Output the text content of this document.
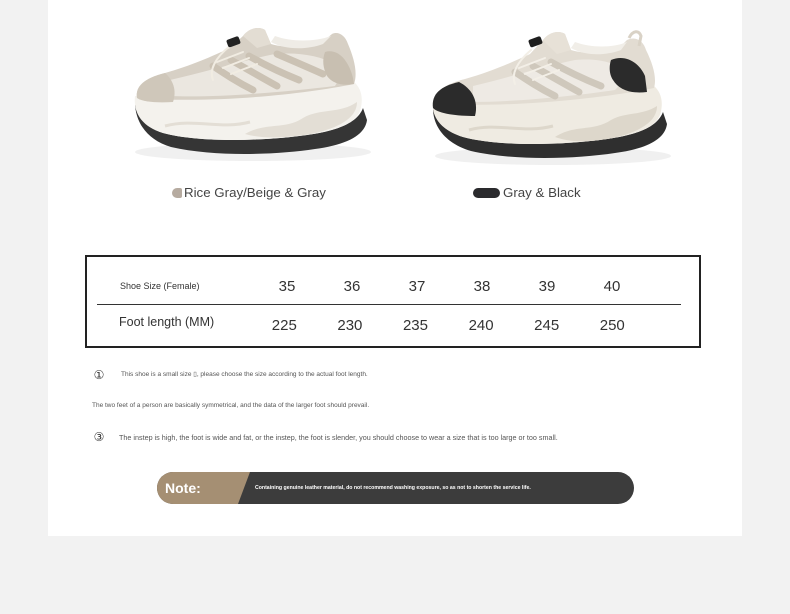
Rice Gray/Beige & Gray	Gray & Black
Shoe Size (Female)	35	36	37	38	39	40
Foot length (MM)	225	230	235	240	245	250
①	This shoe is a small size ▯, please choose the size according to the actual foot length.

The two feet of a person are basically symmetrical, and the data of the larger foot should prevail.

③ The instep is high, the foot is wide and fat, or the instep, the foot is slender, you should choose to wear a size that is too large or too small.

Note:	Containing genuine leather material, do not recommend washing exposure, so as not to shorten the service life.
